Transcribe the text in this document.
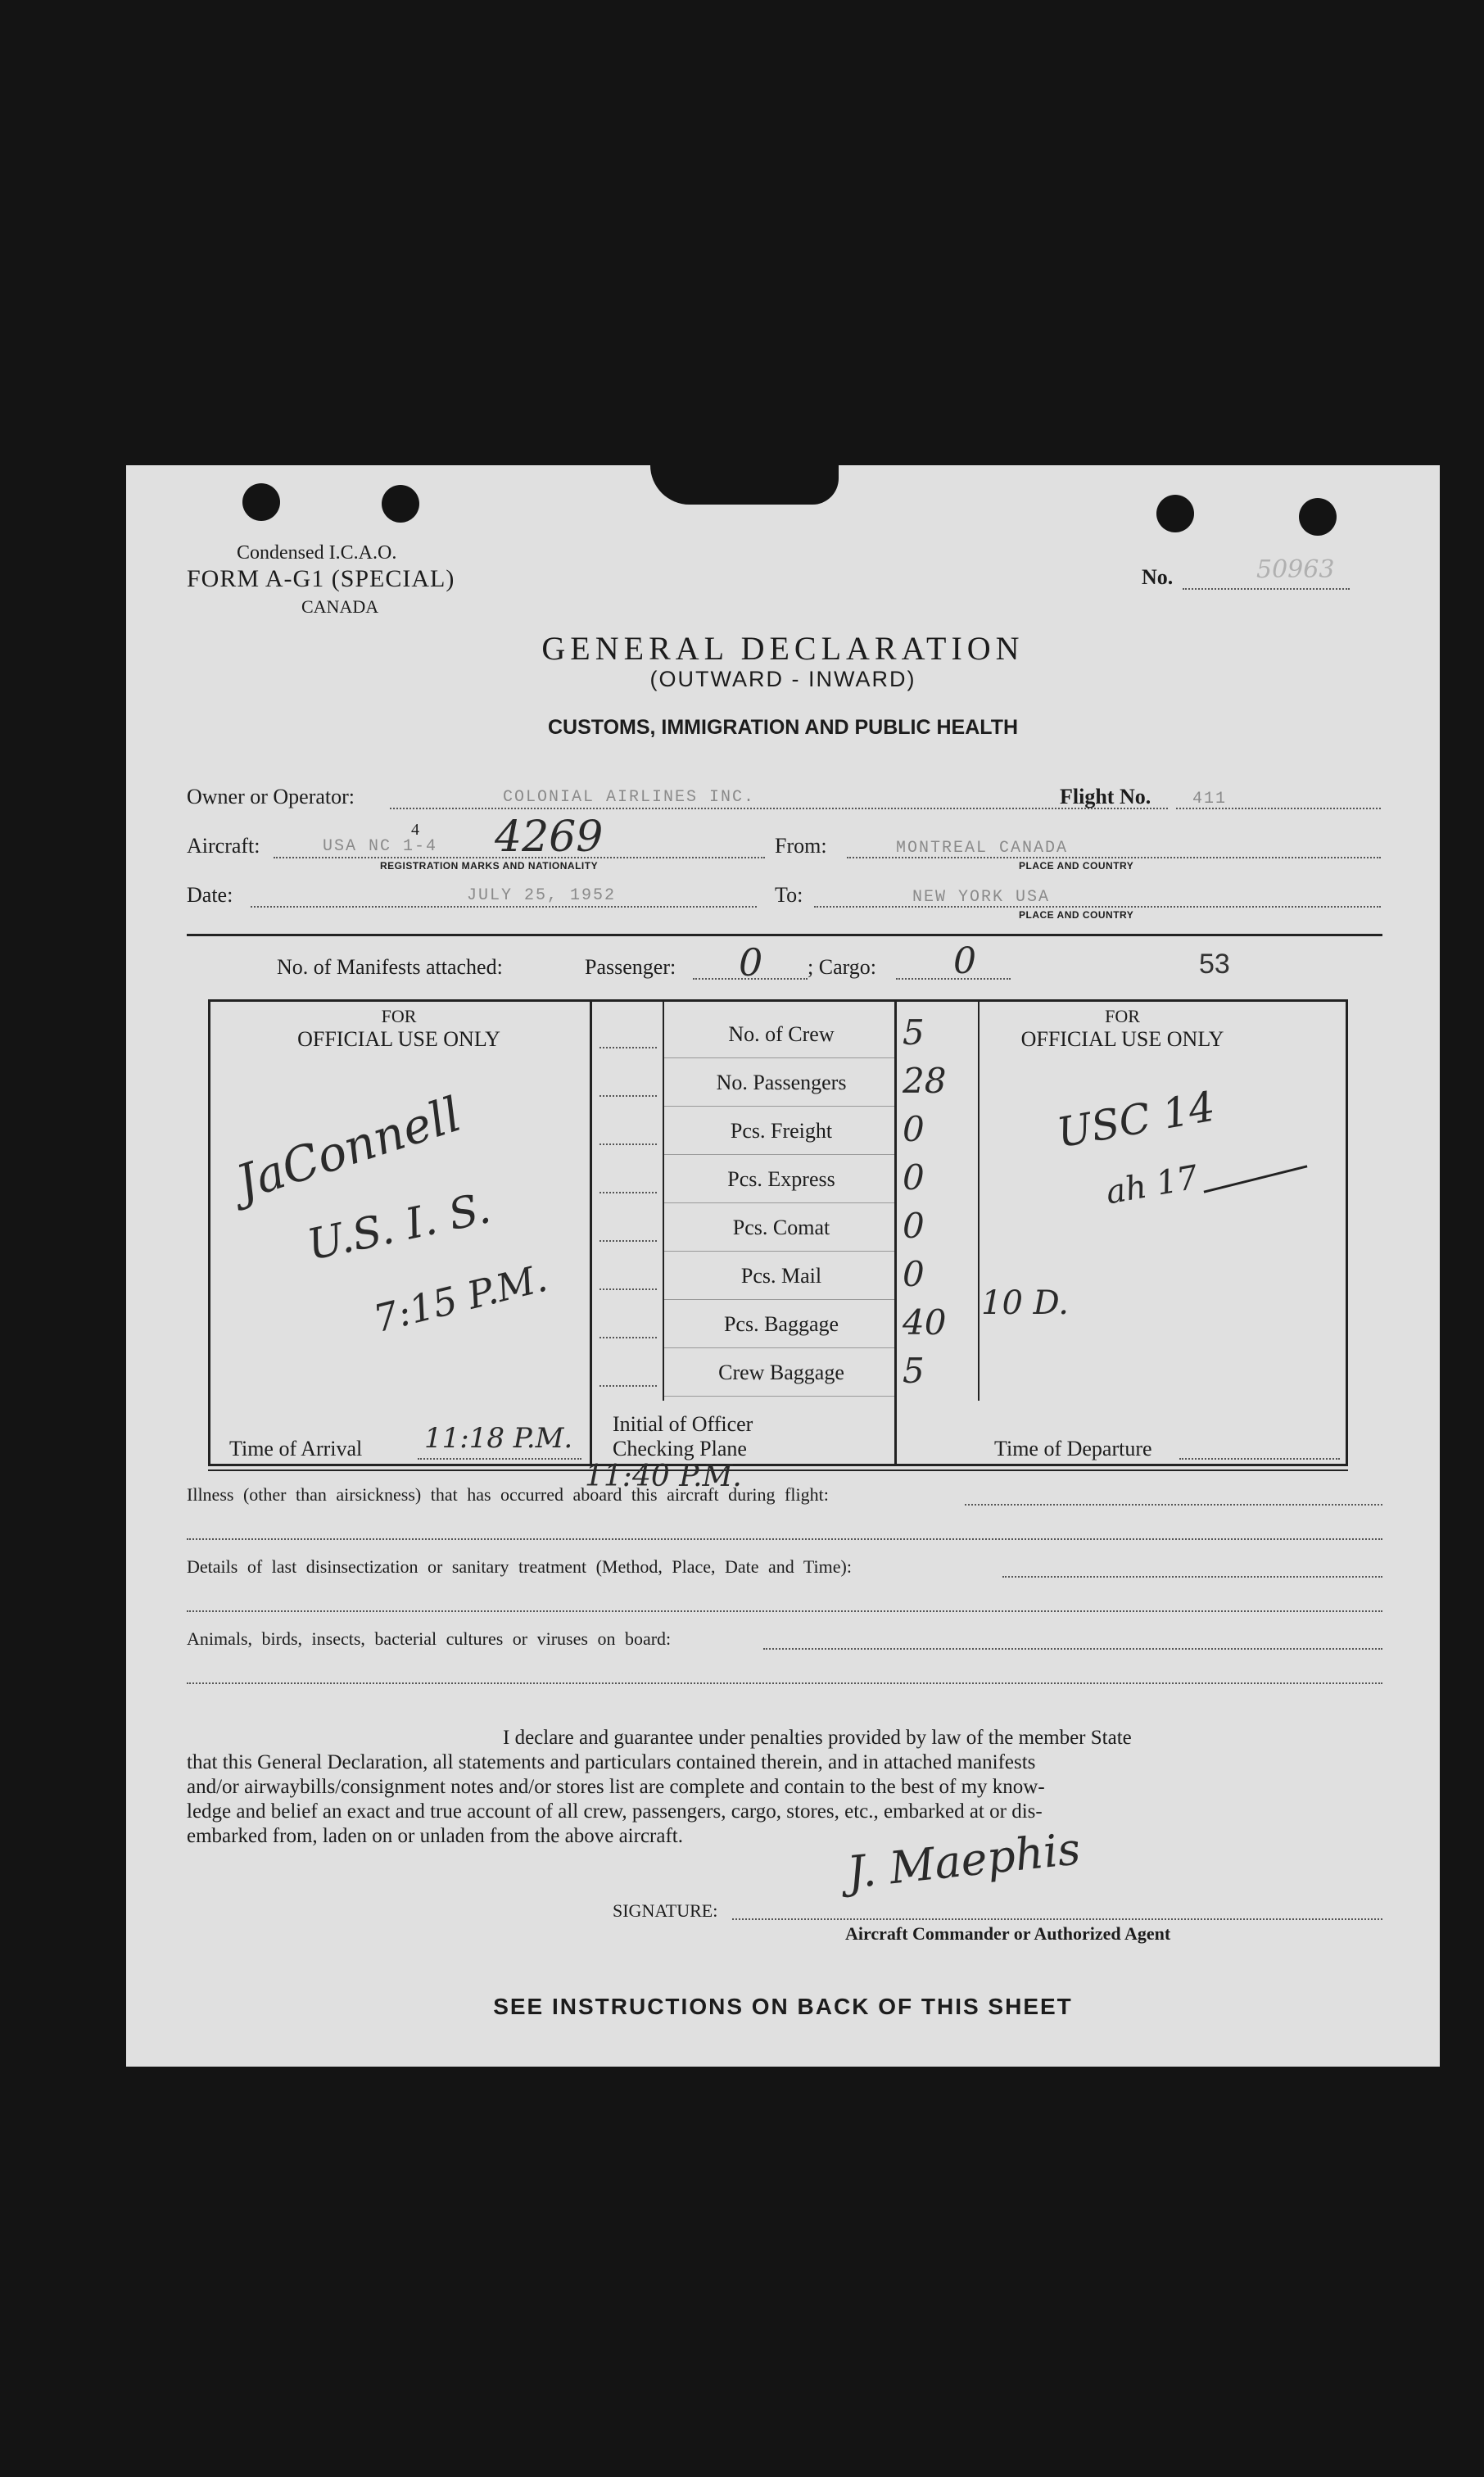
Condensed I.C.A.O.
FORM A-G1 (SPECIAL)
CANADA
No.	50963
GENERAL DECLARATION
(OUTWARD - INWARD)
CUSTOMS, IMMIGRATION AND PUBLIC HEALTH
Owner or Operator:	COLONIAL AIRLINES INC.	Flight No.	411
Aircraft:	USA NC 1-4
4 4269
REGISTRATION MARKS AND NATIONALITY
From:	MONTREAL CANADA
PLACE AND COUNTRY
Date:	JULY 25, 1952	To:	NEW YORK USA
PLACE AND COUNTRY
No. of Manifests attached:	Passenger: 0 ; Cargo: 0	53
FOR
OFFICIAL USE ONLY
JaConnell
U.S. I. S.
7:15 P.M.
Time of Arrival 11:18 P.M. Initial of Officer
Checking Plane
FOR
OFFICIAL USE ONLY
USC 14
ah 17
10 D.
Time of Departure
Illness (other than airsickness) that has occurred aboard this aircraft during flight:
11:40 P.M.
Details of last disinsectization or sanitary treatment (Method, Place, Date and Time):
Animals, birds, insects, bacterial cultures or viruses on board:
I declare and guarantee under penalties provided by law of the member State
that this General Declaration, all statements and particulars contained therein, and in attached manifests
and/or airwaybills/consignment notes and/or stores list are complete and contain to the best of my know-
ledge and belief an exact and true account of all crew, passengers, cargo, stores, etc., embarked at or dis-
embarked from, laden on or unladen from the above aircraft.
SIGNATURE:
J. Maephis
Aircraft Commander or Authorized Agent
SEE INSTRUCTIONS ON BACK OF THIS SHEET
No. of Crew	5
No. Passengers	28
Pcs. Freight	0
Pcs. Express	0
Pcs. Comat	0
Pcs. Mail	0
Pcs. Baggage	40
Crew Baggage	5
